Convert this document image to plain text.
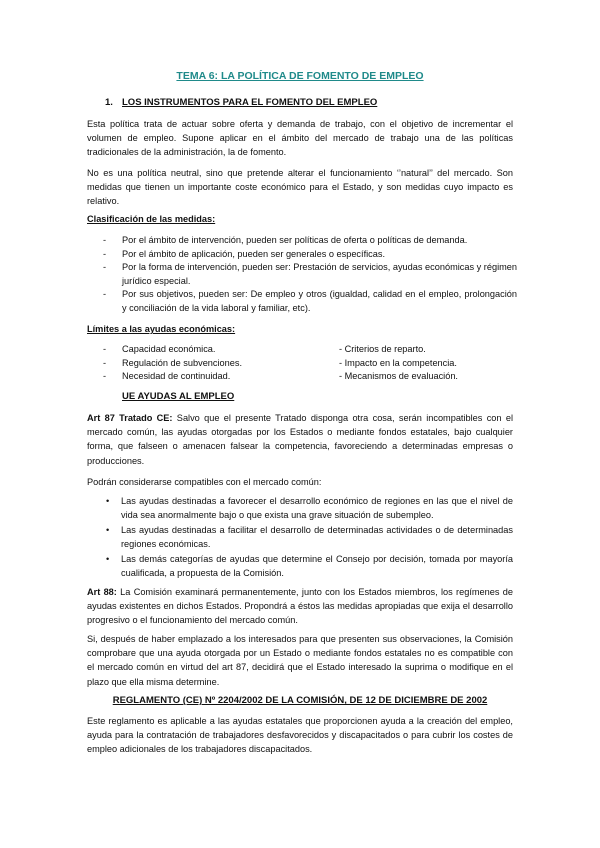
TEMA 6: LA POLÍTICA DE FOMENTO DE EMPLEO
1. LOS INSTRUMENTOS PARA EL FOMENTO DEL EMPLEO

Esta política trata de actuar sobre oferta y demanda de trabajo, con el objetivo de incrementar el volumen de empleo. Supone aplicar en el ámbito del mercado de trabajo una de las políticas tradicionales de la administración, la de fomento.

No es una política neutral, sino que pretende alterar el funcionamiento ‘’natural’’ del mercado. Son medidas que tienen un importante coste económico para el Estado, y son medidas cuyo impacto es relativo.

Clasificación de las medidas:
- Por el ámbito de intervención, pueden ser políticas de oferta o políticas de demanda.
- Por el ámbito de aplicación, pueden ser generales o específicas.
- Por la forma de intervención, pueden ser: Prestación de servicios, ayudas económicas y régimen jurídico especial.
- Por sus objetivos, pueden ser: De empleo y otros (igualdad, calidad en el empleo, prolongación y conciliación de la vida laboral y familiar, etc).
Límites a las ayudas económicas:
- Capacidad económica.
- Regulación de subvenciones.
- Necesidad de continuidad.
- Criterios de reparto.
- Impacto en la competencia.
- Mecanismos de evaluación.
UE AYUDAS AL EMPLEO

Art 87 Tratado CE: Salvo que el presente Tratado disponga otra cosa, serán incompatibles con el mercado común, las ayudas otorgadas por los Estados o mediante fondos estatales, bajo cualquier forma, que falseen o amenacen falsear la competencia, favoreciendo a determinadas empresas o producciones.

Podrán considerarse compatibles con el mercado común:

• Las ayudas destinadas a favorecer el desarrollo económico de regiones en las que el nivel de vida sea anormalmente bajo o que exista una grave situación de subempleo.
• Las ayudas destinadas a facilitar el desarrollo de determinadas actividades o de determinadas regiones económicas.
• Las demás categorías de ayudas que determine el Consejo por decisión, tomada por mayoría cualificada, a propuesta de la Comisión.

Art 88: La Comisión examinará permanentemente, junto con los Estados miembros, los regímenes de ayudas existentes en dichos Estados. Propondrá a éstos las medidas apropiadas que exija el desarrollo progresivo o el funcionamiento del mercado común.

Si, después de haber emplazado a los interesados para que presenten sus observaciones, la Comisión comprobare que una ayuda otorgada por un Estado o mediante fondos estatales no es compatible con el mercado común en virtud del art 87, decidirá que el Estado interesado la suprima o modifique en el plazo que ella misma determine.

REGLAMENTO (CE) Nº 2204/2002 DE LA COMISIÓN, DE 12 DE DICIEMBRE DE 2002

Este reglamento es aplicable a las ayudas estatales que proporcionen ayuda a la creación del empleo, ayuda para la contratación de trabajadores desfavorecidos y discapacitados o para cubrir los costes de empleo adicionales de los trabajadores discapacitados.
